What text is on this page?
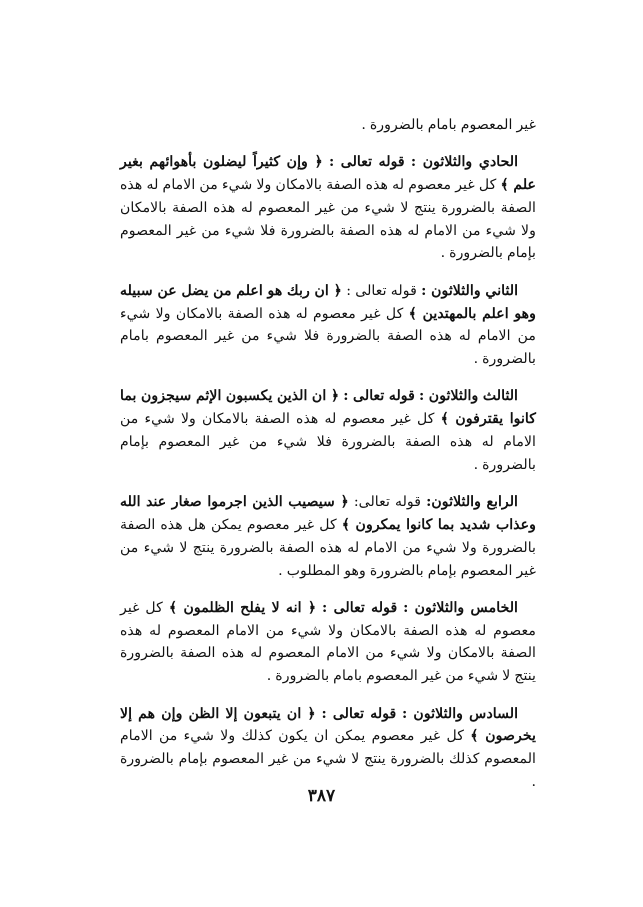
غير المعصوم بامام بالضرورة .

الحادي والثلاثون : قوله تعالى : ﴿ وإن كثيراً ليضلون بأهوائهم بغير علم ﴾ كل غير معصوم له هذه الصفة بالامكان ولا شيء من الامام له هذه الصفة بالضرورة ينتج لا شيء من غير المعصوم له هذه الصفة بالامكان ولا شيء من الامام له هذه الصفة بالضرورة فلا شيء من غير المعصوم بإمام بالضرورة .

الثاني والثلاثون : قوله تعالى : ﴿ ان ربك هو اعلم من يضل عن سبيله وهو اعلم بالمهتدين ﴾ كل غير معصوم له هذه الصفة بالامكان ولا شيء من الامام له هذه الصفة بالضرورة فلا شيء من غير المعصوم بامام بالضرورة .

الثالث والثلاثون : قوله تعالى : ﴿ ان الذين يكسبون الإثم سيجزون بما كانوا يقترفون ﴾ كل غير معصوم له هذه الصفة بالامكان ولا شيء من الامام له هذه الصفة بالضرورة فلا شيء من غير المعصوم بإمام بالضرورة .

الرابع والثلاثون: قوله تعالى: ﴿ سيصيب الذين اجرموا صغار عند الله وعذاب شديد بما كانوا يمكرون ﴾ كل غير معصوم يمكن هل هذه الصفة بالضرورة ولا شيء من الامام له هذه الصفة بالضرورة ينتج لا شيء من غير المعصوم بإمام بالضرورة وهو المطلوب .

الخامس والثلاثون : قوله تعالى : ﴿ انه لا يفلح الظلمون ﴾ كل غير معصوم له هذه الصفة بالامكان ولا شيء من الامام المعصوم له هذه الصفة بالامكان ولا شيء من الامام المعصوم له هذه الصفة بالضرورة ينتج لا شيء من غير المعصوم بامام بالضرورة .

السادس والثلاثون : قوله تعالى : ﴿ ان يتبعون إلا الظن وإن هم إلا يخرصون ﴾ كل غير معصوم يمكن ان يكون كذلك ولا شيء من الامام المعصوم كذلك بالضرورة ينتج لا شيء من غير المعصوم بإمام بالضرورة .

٣٨٧
